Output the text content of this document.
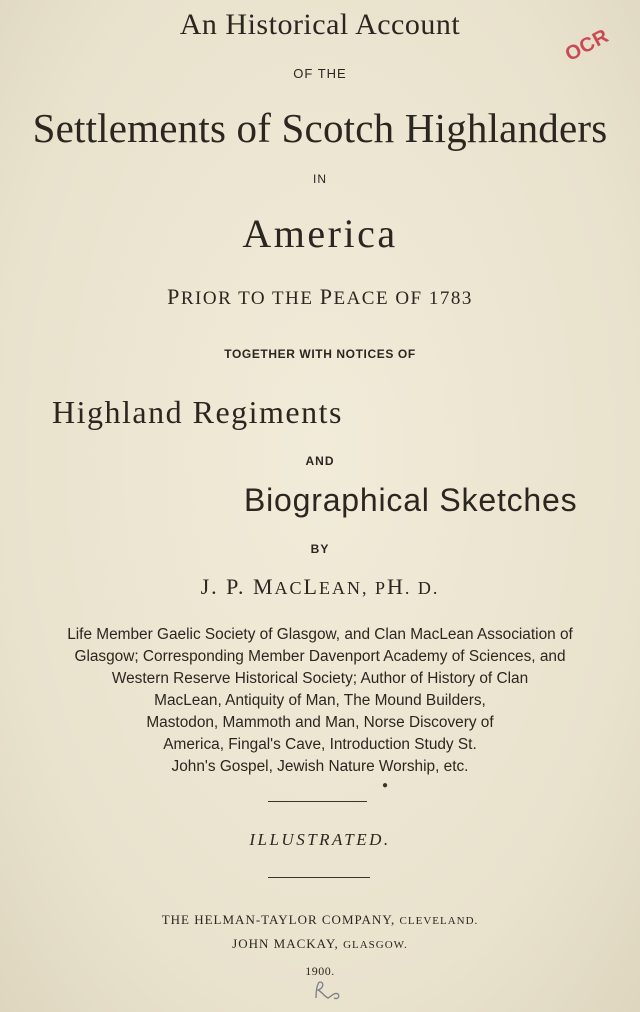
OCR
An Historical Account
OF THE
Settlements of Scotch Highlanders
IN
America
PRIOR TO THE PEACE OF 1783
TOGETHER WITH NOTICES OF
Highland Regiments
AND
Biographical Sketches
BY
J. P. MACLEAN, PH. D.
Life Member Gaelic Society of Glasgow, and Clan MacLean Association of
Glasgow; Corresponding Member Davenport Academy of Sciences, and
Western Reserve Historical Society; Author of History of Clan
MacLean, Antiquity of Man, The Mound Builders,
Mastodon, Mammoth and Man, Norse Discovery of
America, Fingal's Cave, Introduction Study St.
John's Gospel, Jewish Nature Worship, etc.
●
ILLUSTRATED.
THE HELMAN-TAYLOR COMPANY, CLEVELAND.
JOHN MACKAY, GLASGOW.
1900.
